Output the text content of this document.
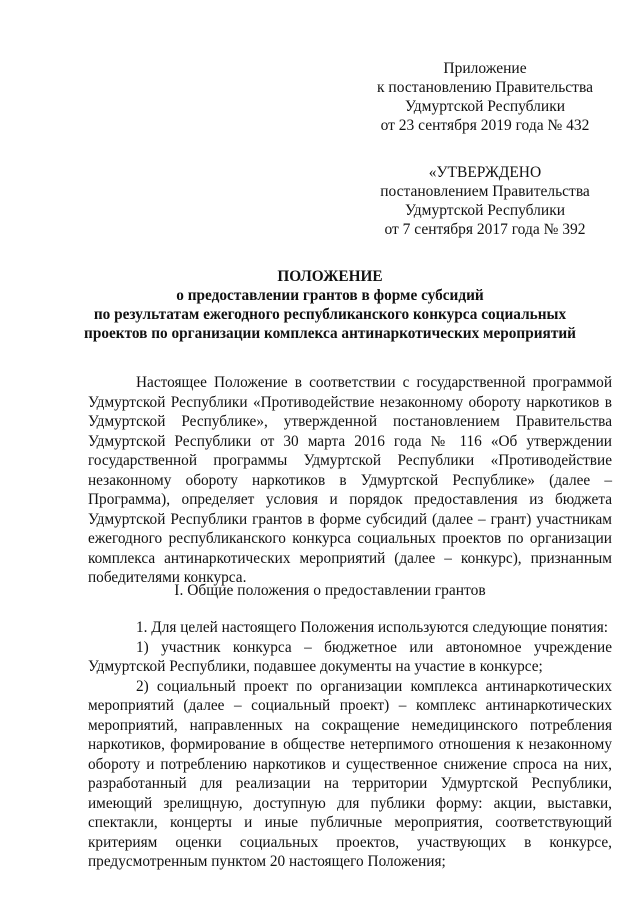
Приложение
к постановлению Правительства
Удмуртской Республики
от 23 сентября 2019 года № 432
«УТВЕРЖДЕНО
постановлением Правительства
Удмуртской Республики
от 7 сентября 2017 года № 392
ПОЛОЖЕНИЕ
о предоставлении грантов в форме субсидий
по результатам ежегодного республиканского конкурса социальных
проектов по организации комплекса антинаркотических мероприятий
Настоящее Положение в соответствии с государственной программой
Удмуртской Республики «Противодействие незаконному обороту наркотиков в
Удмуртской Республике», утвержденной постановлением Правительства
Удмуртской Республики от 30 марта 2016 года № 116 «Об утверждении
государственной программы Удмуртской Республики «Противодействие
незаконному обороту наркотиков в Удмуртской Республике» (далее –
Программа), определяет условия и порядок предоставления из бюджета
Удмуртской Республики грантов в форме субсидий (далее – грант) участникам
ежегодного республиканского конкурса социальных проектов по организации
комплекса антинаркотических мероприятий (далее – конкурс), признанным
победителями конкурса.
I. Общие положения о предоставлении грантов
1. Для целей настоящего Положения используются следующие понятия:
1) участник конкурса – бюджетное или автономное учреждение
Удмуртской Республики, подавшее документы на участие в конкурсе;
2) социальный проект по организации комплекса антинаркотических
мероприятий (далее – социальный проект) – комплекс антинаркотических
мероприятий, направленных на сокращение немедицинского потребления
наркотиков, формирование в обществе нетерпимого отношения к незаконному
обороту и потреблению наркотиков и существенное снижение спроса на них,
разработанный для реализации на территории Удмуртской Республики,
имеющий зрелищную, доступную для публики форму: акции, выставки,
спектакли, концерты и иные публичные мероприятия, соответствующий
критериям оценки социальных проектов, участвующих в конкурсе,
предусмотренным пунктом 20 настоящего Положения;
